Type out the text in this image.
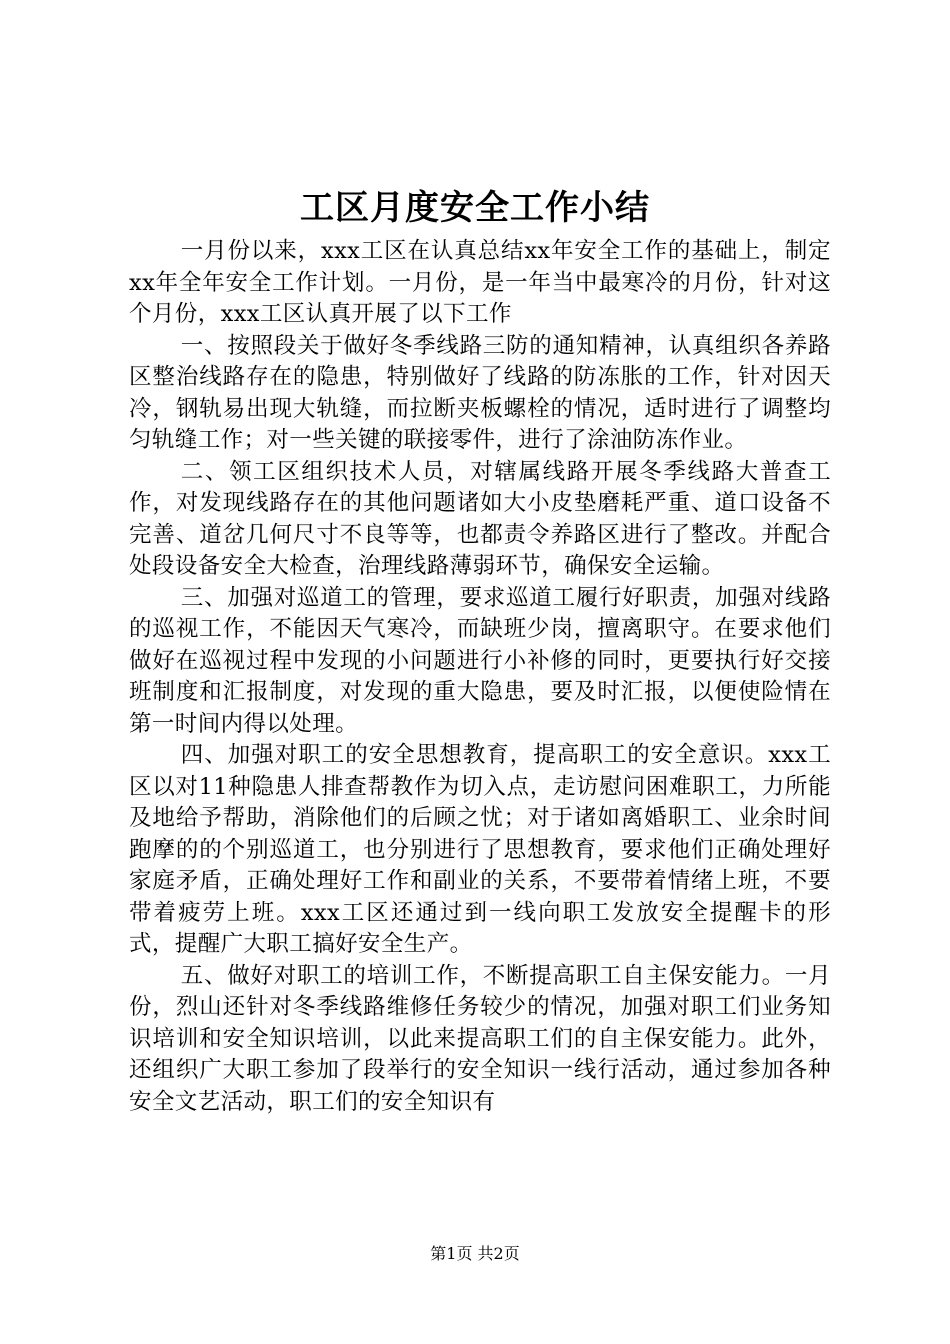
工区月度安全工作小结

一月份以来，xxx工区在认真总结xx年安全工作的基础上，制定xx年全年安全工作计划。一月份，是一年当中最寒冷的月份，针对这个月份，xxx工区认真开展了以下工作

一、按照段关于做好冬季线路三防的通知精神，认真组织各养路区整治线路存在的隐患，特别做好了线路的防冻胀的工作，针对因天冷，钢轨易出现大轨缝，而拉断夹板螺栓的情况，适时进行了调整均匀轨缝工作；对一些关键的联接零件，进行了涂油防冻作业。

二、领工区组织技术人员，对辖属线路开展冬季线路大普查工作，对发现线路存在的其他问题诸如大小皮垫磨耗严重、道口设备不完善、道岔几何尺寸不良等等，也都责令养路区进行了整改。并配合处段设备安全大检查，治理线路薄弱环节，确保安全运输。

三、加强对巡道工的管理，要求巡道工履行好职责，加强对线路的巡视工作，不能因天气寒冷，而缺班少岗，擅离职守。在要求他们做好在巡视过程中发现的小问题进行小补修的同时，更要执行好交接班制度和汇报制度，对发现的重大隐患，要及时汇报，以便使险情在第一时间内得以处理。

四、加强对职工的安全思想教育，提高职工的安全意识。xxx工区以对11种隐患人排查帮教作为切入点，走访慰问困难职工，力所能及地给予帮助，消除他们的后顾之忧；对于诸如离婚职工、业余时间跑摩的的个别巡道工，也分别进行了思想教育，要求他们正确处理好家庭矛盾，正确处理好工作和副业的关系，不要带着情绪上班，不要带着疲劳上班。xxx工区还通过到一线向职工发放安全提醒卡的形式，提醒广大职工搞好安全生产。

五、做好对职工的培训工作，不断提高职工自主保安能力。一月份，烈山还针对冬季线路维修任务较少的情况，加强对职工们业务知识培训和安全知识培训，以此来提高职工们的自主保安能力。此外，还组织广大职工参加了段举行的安全知识一线行活动，通过参加各种安全文艺活动，职工们的安全知识有

第1页 共2页
